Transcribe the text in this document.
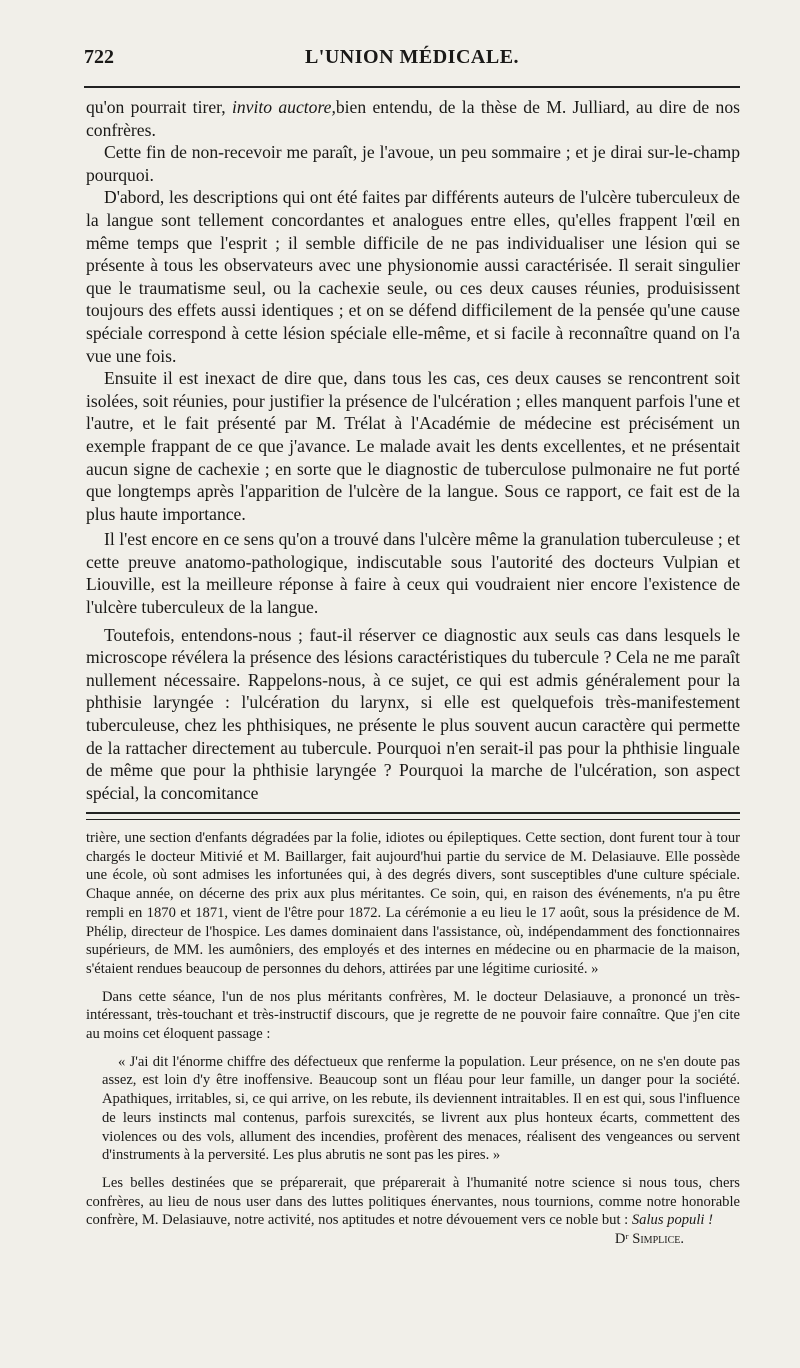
722	L'UNION MÉDICALE.

qu'on pourrait tirer, invito auctore,bien entendu, de la thèse de M. Julliard, au dire de nos confrères.

Cette fin de non-recevoir me paraît, je l'avoue, un peu sommaire ; et je dirai sur-le-champ pourquoi.

D'abord, les descriptions qui ont été faites par différents auteurs de l'ulcère tuberculeux de la langue sont tellement concordantes et analogues entre elles, qu'elles frappent l'œil en même temps que l'esprit ; il semble difficile de ne pas individualiser une lésion qui se présente à tous les observateurs avec une physionomie aussi caractérisée. Il serait singulier que le traumatisme seul, ou la cachexie seule, ou ces deux causes réunies, produisissent toujours des effets aussi identiques ; et on se défend difficilement de la pensée qu'une cause spéciale correspond à cette lésion spéciale elle-même, et si facile à reconnaître quand on l'a vue une fois.

Ensuite il est inexact de dire que, dans tous les cas, ces deux causes se rencontrent soit isolées, soit réunies, pour justifier la présence de l'ulcération ; elles manquent parfois l'une et l'autre, et le fait présenté par M. Trélat à l'Académie de médecine est précisément un exemple frappant de ce que j'avance. Le malade avait les dents excellentes, et ne présentait aucun signe de cachexie ; en sorte que le diagnostic de tuberculose pulmonaire ne fut porté que longtemps après l'apparition de l'ulcère de la langue. Sous ce rapport, ce fait est de la plus haute importance.

Il l'est encore en ce sens qu'on a trouvé dans l'ulcère même la granulation tuberculeuse ; et cette preuve anatomo-pathologique, indiscutable sous l'autorité des docteurs Vulpian et Liouville, est la meilleure réponse à faire à ceux qui voudraient nier encore l'existence de l'ulcère tuberculeux de la langue.

Toutefois, entendons-nous ; faut-il réserver ce diagnostic aux seuls cas dans lesquels le microscope révélera la présence des lésions caractéristiques du tubercule ? Cela ne me paraît nullement nécessaire. Rappelons-nous, à ce sujet, ce qui est admis généralement pour la phthisie laryngée : l'ulcération du larynx, si elle est quelquefois très-manifestement tuberculeuse, chez les phthisiques, ne présente le plus souvent aucun caractère qui permette de la rattacher directement au tubercule. Pourquoi n'en serait-il pas pour la phthisie linguale de même que pour la phthisie laryngée ? Pourquoi la marche de l'ulcération, son aspect spécial, la concomitance

trière, une section d'enfants dégradées par la folie, idiotes ou épileptiques. Cette section, dont furent tour à tour chargés le docteur Mitivié et M. Baillarger, fait aujourd'hui partie du service de M. Delasiauve. Elle possède une école, où sont admises les infortunées qui, à des degrés divers, sont susceptibles d'une culture spéciale. Chaque année, on décerne des prix aux plus méritantes. Ce soin, qui, en raison des événements, n'a pu être rempli en 1870 et 1871, vient de l'être pour 1872. La cérémonie a eu lieu le 17 août, sous la présidence de M. Phélip, directeur de l'hospice. Les dames dominaient dans l'assistance, où, indépendamment des fonctionnaires supérieurs, de MM. les aumôniers, des employés et des internes en médecine ou en pharmacie de la maison, s'étaient rendues beaucoup de personnes du dehors, attirées par une légitime curiosité. »

Dans cette séance, l'un de nos plus méritants confrères, M. le docteur Delasiauve, a prononcé un très-intéressant, très-touchant et très-instructif discours, que je regrette de ne pouvoir faire connaître. Que j'en cite au moins cet éloquent passage :

« J'ai dit l'énorme chiffre des défectueux que renferme la population. Leur présence, on ne s'en doute pas assez, est loin d'y être inoffensive. Beaucoup sont un fléau pour leur famille, un danger pour la société. Apathiques, irritables, si, ce qui arrive, on les rebute, ils deviennent intraitables. Il en est qui, sous l'influence de leurs instincts mal contenus, parfois surexcités, se livrent aux plus honteux écarts, commettent des violences ou des vols, allument des incendies, profèrent des menaces, réalisent des vengeances ou servent d'instruments à la perversité. Les plus abrutis ne sont pas les pires. »

Les belles destinées que se préparerait, que préparerait à l'humanité notre science si nous tous, chers confrères, au lieu de nous user dans des luttes politiques énervantes, nous tournions, comme notre honorable confrère, M. Delasiauve, notre activité, nos aptitudes et notre dévouement vers ce noble but : Salus populi !
Dʳ Simplice.
